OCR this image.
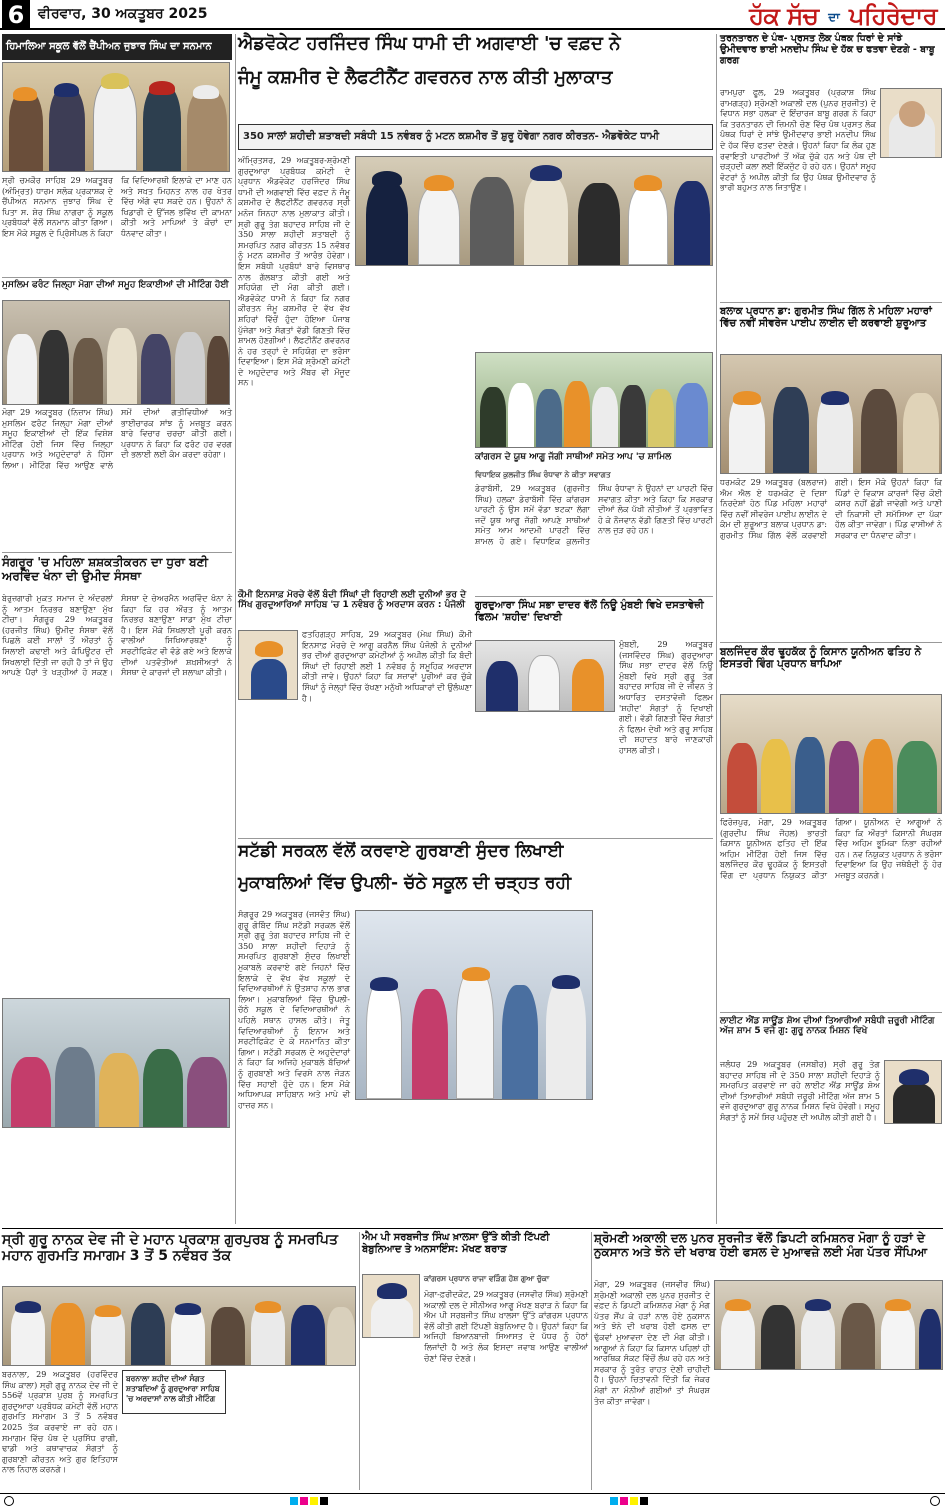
6 ਵੀਰਵਾਰ, 30 ਅਕਤੂਬਰ 2025	ਹੱਕ ਸੱਚ ਦਾ ਪਹਿਰੇਦਾਰ
ਹਿਮਾਲਿਆ ਸਕੂਲ ਵੱਲੋਂ ਚੈਂਪੀਅਨ ਜੁਝਾਰ ਸਿੰਘ ਦਾ ਸਨਮਾਨ
ਸ੍ਰੀ ਚਮਕੌਰ ਸਾਹਿਬ 29 ਅਕਤੂਬਰ (ਅੰਮ੍ਰਿਤ) ਧਾਰਮ ਸਲੋਕ ਪ੍ਰਕਾਸ਼ਕ ਦੇ ਚੈਂਪੀਅਨ ਸਨਮਾਨ ਜੁਝਾਰ ਸਿੰਘ ਦੇ ਪਿਤਾ ਸ. ਸ਼ੇਰ ਸਿੰਘ ਨਾਗਰਾ ਨੂੰ ਸਕੂਲ ਪ੍ਰਬੰਧਕਾਂ ਵੱਲੋਂ ਸਨਮਾਨ ਕੀਤਾ ਗਿਆ। ਇਸ ਮੌਕੇ ਸਕੂਲ ਦੇ ਪ੍ਰਿੰਸੀਪਲ ਨੇ ਕਿਹਾ ਕਿ ਵਿਦਿਆਰਥੀ ਇਲਾਕੇ ਦਾ ਮਾਣ ਹਨ ਅਤੇ ਸਖ਼ਤ ਮਿਹਨਤ ਨਾਲ ਹਰ ਖੇਤਰ ਵਿੱਚ ਅੱਗੇ ਵਧ ਸਕਦੇ ਹਨ। ਉਹਨਾਂ ਨੇ ਖਿਡਾਰੀ ਦੇ ਉੱਜਲ ਭਵਿੱਖ ਦੀ ਕਾਮਨਾ ਕੀਤੀ ਅਤੇ ਮਾਪਿਆਂ ਤੇ ਕੋਚਾਂ ਦਾ ਧੰਨਵਾਦ ਕੀਤਾ।
ਮੁਸਲਿਮ ਫਰੰਟ ਜਿਲ੍ਹਾ ਮੋਗਾ ਦੀਆਂ ਸਮੂਹ ਇਕਾਈਆਂ ਦੀ ਮੀਟਿੰਗ ਹੋਈ
ਮੋਗਾ 29 ਅਕਤੂਬਰ (ਨਿਜ਼ਾਮ ਸਿੰਘ) ਮੁਸਲਿਮ ਫਰੰਟ ਜਿਲ੍ਹਾ ਮੋਗਾ ਦੀਆਂ ਸਮੂਹ ਇਕਾਈਆਂ ਦੀ ਇੱਕ ਵਿਸ਼ੇਸ਼ ਮੀਟਿੰਗ ਹੋਈ ਜਿਸ ਵਿੱਚ ਜਿਲ੍ਹਾ ਪ੍ਰਧਾਨ ਅਤੇ ਅਹੁਦੇਦਾਰਾਂ ਨੇ ਹਿੱਸਾ ਲਿਆ। ਮੀਟਿੰਗ ਵਿੱਚ ਆਉਣ ਵਾਲੇ ਸਮੇਂ ਦੀਆਂ ਗਤੀਵਿਧੀਆਂ ਅਤੇ ਭਾਈਚਾਰਕ ਸਾਂਝ ਨੂੰ ਮਜ਼ਬੂਤ ਕਰਨ ਬਾਰੇ ਵਿਚਾਰ ਚਰਚਾ ਕੀਤੀ ਗਈ। ਪ੍ਰਧਾਨ ਨੇ ਕਿਹਾ ਕਿ ਫਰੰਟ ਹਰ ਵਰਗ ਦੀ ਭਲਾਈ ਲਈ ਕੰਮ ਕਰਦਾ ਰਹੇਗਾ।
ਸੰਗਰੂਰ 'ਚ ਮਹਿਲਾ ਸ਼ਸ਼ਕਤੀਕਰਨ ਦਾ ਧੁਰਾ ਬਣੀ ਅਰਵਿੰਦ ਖੰਨਾ ਦੀ ਉਮੀਦ ਸੰਸਥਾ
ਬੇਰੁਜ਼ਗਾਰੀ ਮੁਕਤ ਸਮਾਜ ਦੇ ਅੰਦਰਲਾਂ ਨੂੰ ਆਤਮ ਨਿਰਭਰ ਬਣਾਉਣਾ ਮੁੱਖ ਟੀਚਾ। ਸੰਗਰੂਰ 29 ਅਕਤੂਬਰ (ਹਰਜੀਤ ਸਿੰਘ) ਉਮੀਦ ਸੰਸਥਾ ਵੱਲੋਂ ਪਿਛਲੇ ਕਈ ਸਾਲਾਂ ਤੋਂ ਔਰਤਾਂ ਨੂੰ ਸਿਲਾਈ ਕਢਾਈ ਅਤੇ ਕੰਪਿਊਟਰ ਦੀ ਸਿਖਲਾਈ ਦਿੱਤੀ ਜਾ ਰਹੀ ਹੈ ਤਾਂ ਜੋ ਉਹ ਆਪਣੇ ਪੈਰਾਂ ਤੇ ਖੜ੍ਹੀਆਂ ਹੋ ਸਕਣ। ਸੰਸਥਾ ਦੇ ਚੇਅਰਮੈਨ ਅਰਵਿੰਦ ਖੰਨਾ ਨੇ ਕਿਹਾ ਕਿ ਹਰ ਔਰਤ ਨੂੰ ਆਤਮ ਨਿਰਭਰ ਬਣਾਉਣਾ ਸਾਡਾ ਮੁੱਖ ਟੀਚਾ ਹੈ। ਇਸ ਮੌਕੇ ਸਿਖਲਾਈ ਪੂਰੀ ਕਰਨ ਵਾਲੀਆਂ ਸਿਖਿਆਰਥਣਾਂ ਨੂੰ ਸਰਟੀਫਿਕੇਟ ਵੀ ਵੰਡੇ ਗਏ ਅਤੇ ਇਲਾਕੇ ਦੀਆਂ ਪਤਵੰਤੀਆਂ ਸ਼ਖ਼ਸੀਅਤਾਂ ਨੇ ਸੰਸਥਾ ਦੇ ਕਾਰਜਾਂ ਦੀ ਸ਼ਲਾਘਾ ਕੀਤੀ।
ਐਡਵੋਕੇਟ ਹਰਜਿੰਦਰ ਸਿੰਘ ਧਾਮੀ ਦੀ ਅਗਵਾਈ 'ਚ ਵਫ਼ਦ ਨੇ
ਜੰਮੂ ਕਸ਼ਮੀਰ ਦੇ ਲੈਫਟੀਨੈਂਟ ਗਵਰਨਰ ਨਾਲ ਕੀਤੀ ਮੁਲਾਕਾਤ
350 ਸਾਲਾਂ ਸ਼ਹੀਦੀ ਸ਼ਤਾਬਦੀ ਸਬੰਧੀ 15 ਨਵੰਬਰ ਨੂੰ ਮਟਨ ਕਸ਼ਮੀਰ ਤੋਂ ਸ਼ੁਰੂ ਹੋਵੇਗਾ ਨਗਰ ਕੀਰਤਨ- ਐਡਵੋਕੇਟ ਧਾਮੀ
ਅੰਮ੍ਰਿਤਸਰ, 29 ਅਕਤੂਬਰ-ਸ਼੍ਰੋਮਣੀ ਗੁਰਦੁਆਰਾ ਪ੍ਰਬੰਧਕ ਕਮੇਟੀ ਦੇ ਪ੍ਰਧਾਨ ਐਡਵੋਕੇਟ ਹਰਜਿੰਦਰ ਸਿੰਘ ਧਾਮੀ ਦੀ ਅਗਵਾਈ ਵਿੱਚ ਵਫ਼ਦ ਨੇ ਜੰਮੂ ਕਸ਼ਮੀਰ ਦੇ ਲੈਫਟੀਨੈਂਟ ਗਵਰਨਰ ਸ੍ਰੀ ਮਨੋਜ ਸਿਨਹਾ ਨਾਲ ਮੁਲਾਕਾਤ ਕੀਤੀ। ਸ੍ਰੀ ਗੁਰੂ ਤੇਗ ਬਹਾਦਰ ਸਾਹਿਬ ਜੀ ਦੇ 350 ਸਾਲਾ ਸ਼ਹੀਦੀ ਸ਼ਤਾਬਦੀ ਨੂੰ ਸਮਰਪਿਤ ਨਗਰ ਕੀਰਤਨ 15 ਨਵੰਬਰ ਨੂੰ ਮਟਨ ਕਸ਼ਮੀਰ ਤੋਂ ਆਰੰਭ ਹੋਵੇਗਾ। ਇਸ ਸਬੰਧੀ ਪ੍ਰਬੰਧਾਂ ਬਾਰੇ ਵਿਸਥਾਰ ਨਾਲ ਗੱਲਬਾਤ ਕੀਤੀ ਗਈ ਅਤੇ ਸਹਿਯੋਗ ਦੀ ਮੰਗ ਕੀਤੀ ਗਈ। ਐਡਵੋਕੇਟ ਧਾਮੀ ਨੇ ਕਿਹਾ ਕਿ ਨਗਰ ਕੀਰਤਨ ਜੰਮੂ ਕਸ਼ਮੀਰ ਦੇ ਵੱਖ ਵੱਖ ਸ਼ਹਿਰਾਂ ਵਿੱਚੋਂ ਹੁੰਦਾ ਹੋਇਆ ਪੰਜਾਬ ਪੁੱਜੇਗਾ ਅਤੇ ਸੰਗਤਾਂ ਵੱਡੀ ਗਿਣਤੀ ਵਿੱਚ ਸ਼ਾਮਲ ਹੋਣਗੀਆਂ। ਲੈਫਟੀਨੈਂਟ ਗਵਰਨਰ ਨੇ ਹਰ ਤਰ੍ਹਾਂ ਦੇ ਸਹਿਯੋਗ ਦਾ ਭਰੋਸਾ ਦਿਵਾਇਆ। ਇਸ ਮੌਕੇ ਸ਼੍ਰੋਮਣੀ ਕਮੇਟੀ ਦੇ ਅਹੁਦੇਦਾਰ ਅਤੇ ਮੈਂਬਰ ਵੀ ਮੌਜੂਦ ਸਨ।
ਕਾਂਗਰਸ ਦੇ ਯੂਥ ਆਗੂ ਜੱਗੀ ਸਾਥੀਆਂ ਸਮੇਤ ਆਪ 'ਚ ਸ਼ਾਮਿਲ
ਵਿਧਾਇਕ ਕੁਲਜੀਤ ਸਿੰਘ ਰੰਧਾਵਾ ਨੇ ਕੀਤਾ ਸਵਾਗਤ
ਡੇਰਾਬੱਸੀ, 29 ਅਕਤੂਬਰ (ਗੁਰਜੀਤ ਸਿੰਘ) ਹਲਕਾ ਡੇਰਾਬੱਸੀ ਵਿੱਚ ਕਾਂਗਰਸ ਪਾਰਟੀ ਨੂੰ ਉਸ ਸਮੇਂ ਵੱਡਾ ਝਟਕਾ ਲੱਗਾ ਜਦੋਂ ਯੂਥ ਆਗੂ ਜੱਗੀ ਆਪਣੇ ਸਾਥੀਆਂ ਸਮੇਤ ਆਮ ਆਦਮੀ ਪਾਰਟੀ ਵਿੱਚ ਸ਼ਾਮਲ ਹੋ ਗਏ। ਵਿਧਾਇਕ ਕੁਲਜੀਤ ਸਿੰਘ ਰੰਧਾਵਾ ਨੇ ਉਹਨਾਂ ਦਾ ਪਾਰਟੀ ਵਿੱਚ ਸਵਾਗਤ ਕੀਤਾ ਅਤੇ ਕਿਹਾ ਕਿ ਸਰਕਾਰ ਦੀਆਂ ਲੋਕ ਪੱਖੀ ਨੀਤੀਆਂ ਤੋਂ ਪ੍ਰਭਾਵਿਤ ਹੋ ਕੇ ਨੌਜਵਾਨ ਵੱਡੀ ਗਿਣਤੀ ਵਿੱਚ ਪਾਰਟੀ ਨਾਲ ਜੁੜ ਰਹੇ ਹਨ।
ਕੌਮੀ ਇਨਸਾਫ਼ ਮੋਰਚੇ ਵੱਲੋਂ ਬੰਦੀ ਸਿੰਘਾਂ ਦੀ ਰਿਹਾਈ ਲਈ ਦੁਨੀਆਂ ਭਰ ਦੇ ਸਿੱਖ ਗੁਰਦੁਆਰਿਆਂ ਸਾਹਿਬ 'ਚ 1 ਨਵੰਬਰ ਨੂੰ ਅਰਦਾਸ ਕਰਨ : ਪੰਜੋਲੀ
ਫਤਹਿਗੜ੍ਹ ਸਾਹਿਬ, 29 ਅਕਤੂਬਰ (ਮੇਘ ਸਿੰਘ) ਕੌਮੀ ਇਨਸਾਫ਼ ਮੋਰਚੇ ਦੇ ਆਗੂ ਕਰਨੈਲ ਸਿੰਘ ਪੰਜੋਲੀ ਨੇ ਦੁਨੀਆਂ ਭਰ ਦੀਆਂ ਗੁਰਦੁਆਰਾ ਕਮੇਟੀਆਂ ਨੂੰ ਅਪੀਲ ਕੀਤੀ ਕਿ ਬੰਦੀ ਸਿੰਘਾਂ ਦੀ ਰਿਹਾਈ ਲਈ 1 ਨਵੰਬਰ ਨੂੰ ਸਮੂਹਿਕ ਅਰਦਾਸ ਕੀਤੀ ਜਾਵੇ। ਉਹਨਾਂ ਕਿਹਾ ਕਿ ਸਜ਼ਾਵਾਂ ਪੂਰੀਆਂ ਕਰ ਚੁੱਕੇ ਸਿੰਘਾਂ ਨੂੰ ਜੇਲ੍ਹਾਂ ਵਿੱਚ ਰੱਖਣਾ ਮਨੁੱਖੀ ਅਧਿਕਾਰਾਂ ਦੀ ਉਲੰਘਣਾ ਹੈ।
ਗੁਰਦੁਆਰਾ ਸਿੰਘ ਸਭਾ ਦਾਦਰ ਵੱਲੋਂ ਨਿਊ ਮੁੰਬਈ ਵਿਖੇ ਦਸਤਾਵੇਜ਼ੀ ਫਿਲਮ 'ਸ਼ਹੀਦ' ਦਿਖਾਈ
ਮੁੰਬਈ, 29 ਅਕਤੂਬਰ (ਜਸਵਿੰਦਰ ਸਿੰਘ) ਗੁਰਦੁਆਰਾ ਸਿੰਘ ਸਭਾ ਦਾਦਰ ਵੱਲੋਂ ਨਿਊ ਮੁੰਬਈ ਵਿਖੇ ਸ੍ਰੀ ਗੁਰੂ ਤੇਗ ਬਹਾਦਰ ਸਾਹਿਬ ਜੀ ਦੇ ਜੀਵਨ ਤੇ ਅਧਾਰਿਤ ਦਸਤਾਵੇਜ਼ੀ ਫਿਲਮ 'ਸ਼ਹੀਦ' ਸੰਗਤਾਂ ਨੂੰ ਦਿਖਾਈ ਗਈ। ਵੱਡੀ ਗਿਣਤੀ ਵਿੱਚ ਸੰਗਤਾਂ ਨੇ ਫਿਲਮ ਦੇਖੀ ਅਤੇ ਗੁਰੂ ਸਾਹਿਬ ਦੀ ਸ਼ਹਾਦਤ ਬਾਰੇ ਜਾਣਕਾਰੀ ਹਾਸਲ ਕੀਤੀ।
ਸਟੱਡੀ ਸਰਕਲ ਵੱਲੋਂ ਕਰਵਾਏ ਗੁਰਬਾਣੀ ਸੁੰਦਰ ਲਿਖਾਈ
ਮੁਕਾਬਲਿਆਂ ਵਿੱਚ ਉਪਲੀ- ਚੱਠੇ ਸਕੂਲ ਦੀ ਚੜ੍ਹਤ ਰਹੀ
ਸੰਗਰੂਰ 29 ਅਕਤੂਬਰ (ਜਸਵੰਤ ਸਿੰਘ) ਗੁਰੂ ਗੋਬਿੰਦ ਸਿੰਘ ਸਟੱਡੀ ਸਰਕਲ ਵੱਲੋਂ ਸ੍ਰੀ ਗੁਰੂ ਤੇਗ ਬਹਾਦਰ ਸਾਹਿਬ ਜੀ ਦੇ 350 ਸਾਲਾ ਸ਼ਹੀਦੀ ਦਿਹਾੜੇ ਨੂੰ ਸਮਰਪਿਤ ਗੁਰਬਾਣੀ ਸੁੰਦਰ ਲਿਖਾਈ ਮੁਕਾਬਲੇ ਕਰਵਾਏ ਗਏ ਜਿਹਨਾਂ ਵਿੱਚ ਇਲਾਕੇ ਦੇ ਵੱਖ ਵੱਖ ਸਕੂਲਾਂ ਦੇ ਵਿਦਿਆਰਥੀਆਂ ਨੇ ਉਤਸ਼ਾਹ ਨਾਲ ਭਾਗ ਲਿਆ। ਮੁਕਾਬਲਿਆਂ ਵਿੱਚ ਉਪਲੀ- ਚੱਠੇ ਸਕੂਲ ਦੇ ਵਿਦਿਆਰਥੀਆਂ ਨੇ ਪਹਿਲੇ ਸਥਾਨ ਹਾਸਲ ਕੀਤੇ। ਜੇਤੂ ਵਿਦਿਆਰਥੀਆਂ ਨੂੰ ਇਨਾਮ ਅਤੇ ਸਰਟੀਫਿਕੇਟ ਦੇ ਕੇ ਸਨਮਾਨਿਤ ਕੀਤਾ ਗਿਆ। ਸਟੱਡੀ ਸਰਕਲ ਦੇ ਅਹੁਦੇਦਾਰਾਂ ਨੇ ਕਿਹਾ ਕਿ ਅਜਿਹੇ ਮੁਕਾਬਲੇ ਬੱਚਿਆਂ ਨੂੰ ਗੁਰਬਾਣੀ ਅਤੇ ਵਿਰਸੇ ਨਾਲ ਜੋੜਨ ਵਿੱਚ ਸਹਾਈ ਹੁੰਦੇ ਹਨ। ਇਸ ਮੌਕੇ ਅਧਿਆਪਕ ਸਾਹਿਬਾਨ ਅਤੇ ਮਾਪੇ ਵੀ ਹਾਜ਼ਰ ਸਨ।
ਤਰਨਤਾਰਨ ਦੇ ਪੰਥ- ਪ੍ਰਸਤ ਲੋਕ ਪੰਥਕ ਧਿਰਾਂ ਦੇ ਸਾਂਝੇ ਉਮੀਦਵਾਰ ਭਾਈ ਮਨਦੀਪ ਸਿੰਘ ਦੇ ਹੱਕ ਚ ਫਤਵਾ ਦੇਣਗੇ - ਬਾਬੂ ਗਰਗ
ਰਾਮਪੁਰਾ ਫੂਲ, 29 ਅਕਤੂਬਰ (ਪ੍ਰਕਾਸ਼ ਸਿੰਘ ਰਾਮਗੜ੍ਹ) ਸ਼੍ਰੋਮਣੀ ਅਕਾਲੀ ਦਲ (ਪੁਨਰ ਸੁਰਜੀਤ) ਦੇ ਵਿਧਾਨ ਸਭਾ ਹਲਕਾ ਦੇ ਇੰਚਾਰਜ ਬਾਬੂ ਗਰਗ ਨੇ ਕਿਹਾ ਕਿ ਤਰਨਤਾਰਨ ਦੀ ਜ਼ਿਮਨੀ ਚੋਣ ਵਿੱਚ ਪੰਥ ਪ੍ਰਸਤ ਲੋਕ ਪੰਥਕ ਧਿਰਾਂ ਦੇ ਸਾਂਝੇ ਉਮੀਦਵਾਰ ਭਾਈ ਮਨਦੀਪ ਸਿੰਘ ਦੇ ਹੱਕ ਵਿੱਚ ਫਤਵਾ ਦੇਣਗੇ। ਉਹਨਾਂ ਕਿਹਾ ਕਿ ਲੋਕ ਹੁਣ ਰਵਾਇਤੀ ਪਾਰਟੀਆਂ ਤੋਂ ਅੱਕ ਚੁੱਕੇ ਹਨ ਅਤੇ ਪੰਥ ਦੀ ਚੜ੍ਹਦੀ ਕਲਾ ਲਈ ਇੱਕਜੁੱਟ ਹੋ ਰਹੇ ਹਨ। ਉਹਨਾਂ ਸਮੂਹ ਵੋਟਰਾਂ ਨੂੰ ਅਪੀਲ ਕੀਤੀ ਕਿ ਉਹ ਪੰਥਕ ਉਮੀਦਵਾਰ ਨੂੰ ਭਾਰੀ ਬਹੁਮਤ ਨਾਲ ਜਿਤਾਉਣ।
ਬਲਾਕ ਪ੍ਰਧਾਨ ਡਾ: ਗੁਰਮੀਤ ਸਿੰਘ ਗਿੱਲ ਨੇ ਮਹਿਲਾ ਮਹਾਰਾਂ ਵਿੱਚ ਨਵੀਂ ਸੀਵਰੇਜ ਪਾਈਪ ਲਾਈਨ ਦੀ ਕਰਵਾਈ ਸ਼ੁਰੂਆਤ
ਧਰਮਕੋਟ 29 ਅਕਤੂਬਰ (ਬਲਰਾਜ) ਐਮ ਐਲ ਏ ਧਰਮਕੋਟ ਦੇ ਦਿਸ਼ਾ ਨਿਰਦੇਸ਼ਾਂ ਹੇਠ ਪਿੰਡ ਮਹਿਲਾ ਮਹਾਰਾਂ ਵਿੱਚ ਨਵੀਂ ਸੀਵਰੇਜ ਪਾਈਪ ਲਾਈਨ ਦੇ ਕੰਮ ਦੀ ਸ਼ੁਰੂਆਤ ਬਲਾਕ ਪ੍ਰਧਾਨ ਡਾ: ਗੁਰਮੀਤ ਸਿੰਘ ਗਿੱਲ ਵੱਲੋਂ ਕਰਵਾਈ ਗਈ। ਇਸ ਮੌਕੇ ਉਹਨਾਂ ਕਿਹਾ ਕਿ ਪਿੰਡਾਂ ਦੇ ਵਿਕਾਸ ਕਾਰਜਾਂ ਵਿੱਚ ਕੋਈ ਕਸਰ ਨਹੀਂ ਛੱਡੀ ਜਾਵੇਗੀ ਅਤੇ ਪਾਣੀ ਦੀ ਨਿਕਾਸੀ ਦੀ ਸਮੱਸਿਆ ਦਾ ਪੱਕਾ ਹੱਲ ਕੀਤਾ ਜਾਵੇਗਾ। ਪਿੰਡ ਵਾਸੀਆਂ ਨੇ ਸਰਕਾਰ ਦਾ ਧੰਨਵਾਦ ਕੀਤਾ।
ਬਲਜਿੰਦਰ ਕੌਰ ਢੂਹਕੱਕ ਨੂੰ ਕਿਸਾਨ ਯੂਨੀਅਨ ਫਤਿਹ ਨੇ ਇਸਤਰੀ ਵਿੰਗ ਪ੍ਰਧਾਨ ਥਾਪਿਆ
ਫਿਰੋਜ਼ਪੁਰ, ਮੋਗਾ, 29 ਅਕਤੂਬਰ (ਗੁਰਦੀਪ ਸਿੰਘ ਜੌਹਲ) ਭਾਰਤੀ ਕਿਸਾਨ ਯੂਨੀਅਨ ਫਤਿਹ ਦੀ ਇੱਕ ਅਹਿਮ ਮੀਟਿੰਗ ਹੋਈ ਜਿਸ ਵਿੱਚ ਬਲਜਿੰਦਰ ਕੌਰ ਢੂਹਕੱਕ ਨੂੰ ਇਸਤਰੀ ਵਿੰਗ ਦਾ ਪ੍ਰਧਾਨ ਨਿਯੁਕਤ ਕੀਤਾ ਗਿਆ। ਯੂਨੀਅਨ ਦੇ ਆਗੂਆਂ ਨੇ ਕਿਹਾ ਕਿ ਔਰਤਾਂ ਕਿਸਾਨੀ ਸੰਘਰਸ਼ ਵਿੱਚ ਅਹਿਮ ਭੂਮਿਕਾ ਨਿਭਾ ਰਹੀਆਂ ਹਨ। ਨਵ ਨਿਯੁਕਤ ਪ੍ਰਧਾਨ ਨੇ ਭਰੋਸਾ ਦਿਵਾਇਆ ਕਿ ਉਹ ਜਥੇਬੰਦੀ ਨੂੰ ਹੋਰ ਮਜ਼ਬੂਤ ਕਰਨਗੇ।
ਲਾਈਟ ਐਂਡ ਸਾਊਂਡ ਸ਼ੋਅ ਦੀਆਂ ਤਿਆਰੀਆਂ ਸਬੰਧੀ ਜ਼ਰੂਰੀ ਮੀਟਿੰਗ ਅੱਜ ਸ਼ਾਮ 5 ਵਜੇ ਗੁ: ਗੁਰੂ ਨਾਨਕ ਮਿਸ਼ਨ ਵਿਖੇ
ਜਲੰਧਰ 29 ਅਕਤੂਬਰ (ਜਸਬੀਰ) ਸ੍ਰੀ ਗੁਰੂ ਤੇਗ ਬਹਾਦਰ ਸਾਹਿਬ ਜੀ ਦੇ 350 ਸਾਲਾ ਸ਼ਹੀਦੀ ਦਿਹਾੜੇ ਨੂੰ ਸਮਰਪਿਤ ਕਰਵਾਏ ਜਾ ਰਹੇ ਲਾਈਟ ਐਂਡ ਸਾਊਂਡ ਸ਼ੋਅ ਦੀਆਂ ਤਿਆਰੀਆਂ ਸਬੰਧੀ ਜ਼ਰੂਰੀ ਮੀਟਿੰਗ ਅੱਜ ਸ਼ਾਮ 5 ਵਜੇ ਗੁਰਦੁਆਰਾ ਗੁਰੂ ਨਾਨਕ ਮਿਸ਼ਨ ਵਿਖੇ ਹੋਵੇਗੀ। ਸਮੂਹ ਸੰਗਤਾਂ ਨੂੰ ਸਮੇਂ ਸਿਰ ਪਹੁੰਚਣ ਦੀ ਅਪੀਲ ਕੀਤੀ ਗਈ ਹੈ।
ਸ੍ਰੀ ਗੁਰੂ ਨਾਨਕ ਦੇਵ ਜੀ ਦੇ ਮਹਾਨ ਪ੍ਰਕਾਸ਼ ਗੁਰਪੁਰਬ ਨੂੰ ਸਮਰਪਿਤ ਮਹਾਨ ਗੁਰਮਤਿ ਸਮਾਗਮ 3 ਤੋਂ 5 ਨਵੰਬਰ ਤੱਕ
ਬਰਨਾਲਾ, 29 ਅਕਤੂਬਰ (ਹਰਵਿੰਦਰ ਸਿੰਘ ਕਾਲਾ) ਸ੍ਰੀ ਗੁਰੂ ਨਾਨਕ ਦੇਵ ਜੀ ਦੇ 556ਵੇਂ ਪ੍ਰਕਾਸ਼ ਪੁਰਬ ਨੂੰ ਸਮਰਪਿਤ ਗੁਰਦੁਆਰਾ ਪ੍ਰਬੰਧਕ ਕਮੇਟੀ ਵੱਲੋਂ ਮਹਾਨ ਗੁਰਮਤਿ ਸਮਾਗਮ 3 ਤੋਂ 5 ਨਵੰਬਰ 2025 ਤੱਕ ਕਰਵਾਏ ਜਾ ਰਹੇ ਹਨ। ਸਮਾਗਮ ਵਿੱਚ ਪੰਥ ਦੇ ਪ੍ਰਸਿੱਧ ਰਾਗੀ, ਢਾਡੀ ਅਤੇ ਕਥਾਵਾਚਕ ਸੰਗਤਾਂ ਨੂੰ ਗੁਰਬਾਣੀ ਕੀਰਤਨ ਅਤੇ ਗੁਰ ਇਤਿਹਾਸ ਨਾਲ ਨਿਹਾਲ ਕਰਨਗੇ।
ਬਰਨਾਲਾ ਸ਼ਹੀਦ ਦੀਆਂ ਸੰਗਤ ਸ਼ਤਾਬਦਿਆਂ ਨੂੰ ਗੁਰਦੁਆਰਾ ਸਾਹਿਬ 'ਚ ਅਰਦਾਸਾਂ ਨਾਲ ਕੀਤੀ ਮੀਟਿੰਗ
ਐਮ ਪੀ ਸਰਬਜੀਤ ਸਿੰਘ ਖ਼ਾਲਸਾ ਉੱਤੇ ਕੀਤੀ ਟਿੱਪਣੀ ਬੇਬੁਨਿਆਦ ਤੇ ਅਨਸਾਇੰਸ: ਮੱਖਣ ਬਰਾੜ
ਕਾਂਗਰਸ ਪ੍ਰਧਾਨ ਰਾਜਾ ਵੜਿੰਗ ਹੋਸ਼ ਗੁਆ ਚੁੱਕਾ
ਮੋਗਾ-ਫ਼ਰੀਦਕੋਟ, 29 ਅਕਤੂਬਰ (ਜਸਵੀਰ ਸਿੰਘ) ਸ਼੍ਰੋਮਣੀ ਅਕਾਲੀ ਦਲ ਦੇ ਸੀਨੀਅਰ ਆਗੂ ਮੱਖਣ ਬਰਾੜ ਨੇ ਕਿਹਾ ਕਿ ਐਮ ਪੀ ਸਰਬਜੀਤ ਸਿੰਘ ਖ਼ਾਲਸਾ ਉੱਤੇ ਕਾਂਗਰਸ ਪ੍ਰਧਾਨ ਵੱਲੋਂ ਕੀਤੀ ਗਈ ਟਿੱਪਣੀ ਬੇਬੁਨਿਆਦ ਹੈ। ਉਹਨਾਂ ਕਿਹਾ ਕਿ ਅਜਿਹੀ ਬਿਆਨਬਾਜ਼ੀ ਸਿਆਸਤ ਦੇ ਪੱਧਰ ਨੂੰ ਹੇਠਾਂ ਲਿਜਾਂਦੀ ਹੈ ਅਤੇ ਲੋਕ ਇਸਦਾ ਜਵਾਬ ਆਉਣ ਵਾਲੀਆਂ ਚੋਣਾਂ ਵਿੱਚ ਦੇਣਗੇ।
ਸ਼੍ਰੋਮਣੀ ਅਕਾਲੀ ਦਲ ਪੁਨਰ ਸੁਰਜੀਤ ਵੱਲੋਂ ਡਿਪਟੀ ਕਮਿਸ਼ਨਰ ਮੋਗਾ ਨੂੰ ਹੜਾਂ ਦੇ ਨੁਕਸਾਨ ਅਤੇ ਝੋਨੇ ਦੀ ਖਰਾਬ ਹੋਈ ਫਸਲ ਦੇ ਮੁਆਵਜ਼ੇ ਲਈ ਮੰਗ ਪੱਤਰ ਸੌਂਪਿਆ
ਮੋਗਾ, 29 ਅਕਤੂਬਰ (ਜਸਵੀਰ ਸਿੰਘ) ਸ਼੍ਰੋਮਣੀ ਅਕਾਲੀ ਦਲ ਪੁਨਰ ਸੁਰਜੀਤ ਦੇ ਵਫ਼ਦ ਨੇ ਡਿਪਟੀ ਕਮਿਸ਼ਨਰ ਮੋਗਾ ਨੂੰ ਮੰਗ ਪੱਤਰ ਸੌਂਪ ਕੇ ਹੜਾਂ ਨਾਲ ਹੋਏ ਨੁਕਸਾਨ ਅਤੇ ਝੋਨੇ ਦੀ ਖਰਾਬ ਹੋਈ ਫਸਲ ਦਾ ਢੁੱਕਵਾਂ ਮੁਆਵਜ਼ਾ ਦੇਣ ਦੀ ਮੰਗ ਕੀਤੀ। ਆਗੂਆਂ ਨੇ ਕਿਹਾ ਕਿ ਕਿਸਾਨ ਪਹਿਲਾਂ ਹੀ ਆਰਥਿਕ ਸੰਕਟ ਵਿੱਚੋਂ ਲੰਘ ਰਹੇ ਹਨ ਅਤੇ ਸਰਕਾਰ ਨੂੰ ਤੁਰੰਤ ਰਾਹਤ ਦੇਣੀ ਚਾਹੀਦੀ ਹੈ। ਉਹਨਾਂ ਚਿਤਾਵਨੀ ਦਿੱਤੀ ਕਿ ਜੇਕਰ ਮੰਗਾਂ ਨਾ ਮੰਨੀਆਂ ਗਈਆਂ ਤਾਂ ਸੰਘਰਸ਼ ਤੇਜ਼ ਕੀਤਾ ਜਾਵੇਗਾ।
